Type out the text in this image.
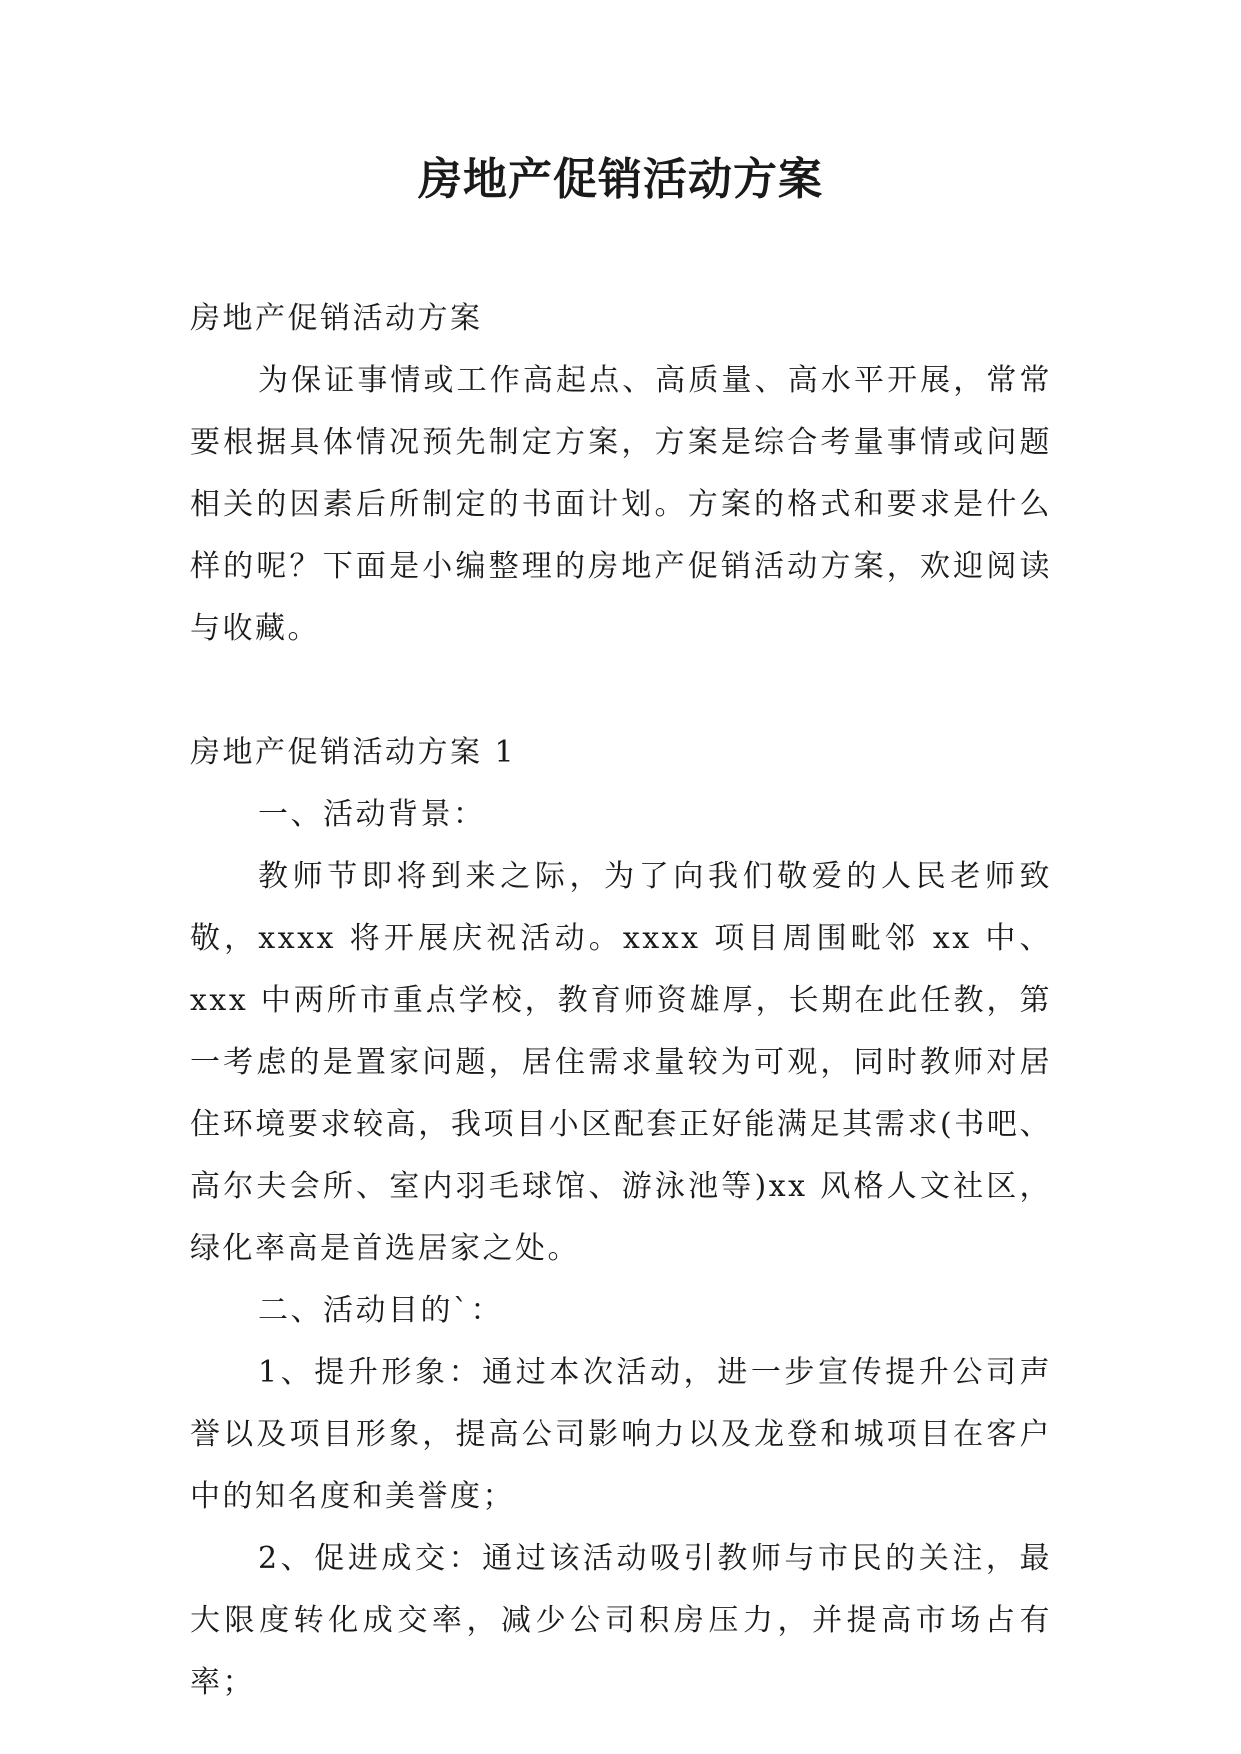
房地产促销活动方案

房地产促销活动方案

为保证事情或工作高起点、高质量、高水平开展，常常要根据具体情况预先制定方案，方案是综合考量事情或问题相关的因素后所制定的书面计划。方案的格式和要求是什么样的呢？下面是小编整理的房地产促销活动方案，欢迎阅读与收藏。

房地产促销活动方案 1

一、活动背景：

教师节即将到来之际，为了向我们敬爱的人民老师致敬，xxxx 将开展庆祝活动。xxxx 项目周围毗邻 xx 中、xxx 中两所市重点学校，教育师资雄厚，长期在此任教，第一考虑的是置家问题，居住需求量较为可观，同时教师对居住环境要求较高，我项目小区配套正好能满足其需求(书吧、高尔夫会所、室内羽毛球馆、游泳池等)xx 风格人文社区，绿化率高是首选居家之处。

二、活动目的`：

1、提升形象：通过本次活动，进一步宣传提升公司声誉以及项目形象，提高公司影响力以及龙登和城项目在客户中的知名度和美誉度；

2、促进成交：通过该活动吸引教师与市民的关注，最大限度转化成交率，减少公司积房压力，并提高市场占有率；
